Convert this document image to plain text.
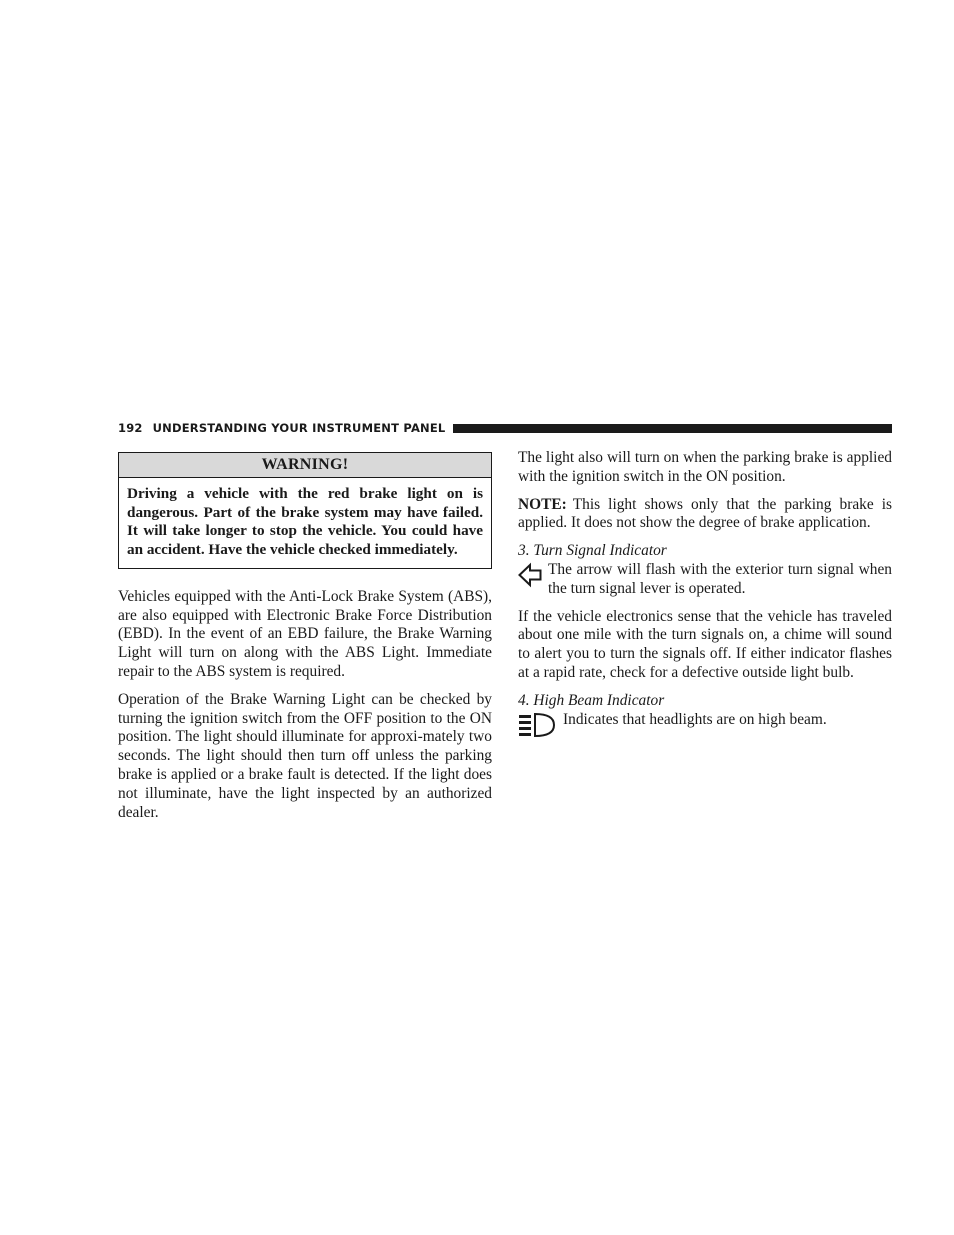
192 UNDERSTANDING YOUR INSTRUMENT PANEL
WARNING!
Driving a vehicle with the red brake light on is dangerous. Part of the brake system may have failed. It will take longer to stop the vehicle. You could have an accident. Have the vehicle checked immediately.

Vehicles equipped with the Anti-Lock Brake System (ABS), are also equipped with Electronic Brake Force Distribution (EBD). In the event of an EBD failure, the Brake Warning Light will turn on along with the ABS Light. Immediate repair to the ABS system is required.

Operation of the Brake Warning Light can be checked by turning the ignition switch from the OFF position to the ON position. The light should illuminate for approxi-mately two seconds. The light should then turn off unless the parking brake is applied or a brake fault is detected. If the light does not illuminate, have the light inspected by an authorized dealer.

The light also will turn on when the parking brake is applied with the ignition switch in the ON position.

NOTE: This light shows only that the parking brake is applied. It does not show the degree of brake application.

3. Turn Signal Indicator

The arrow will flash with the exterior turn signal when the turn signal lever is operated.

If the vehicle electronics sense that the vehicle has traveled about one mile with the turn signals on, a chime will sound to alert you to turn the signals off. If either indicator flashes at a rapid rate, check for a defective outside light bulb.

4. High Beam Indicator

Indicates that headlights are on high beam.
